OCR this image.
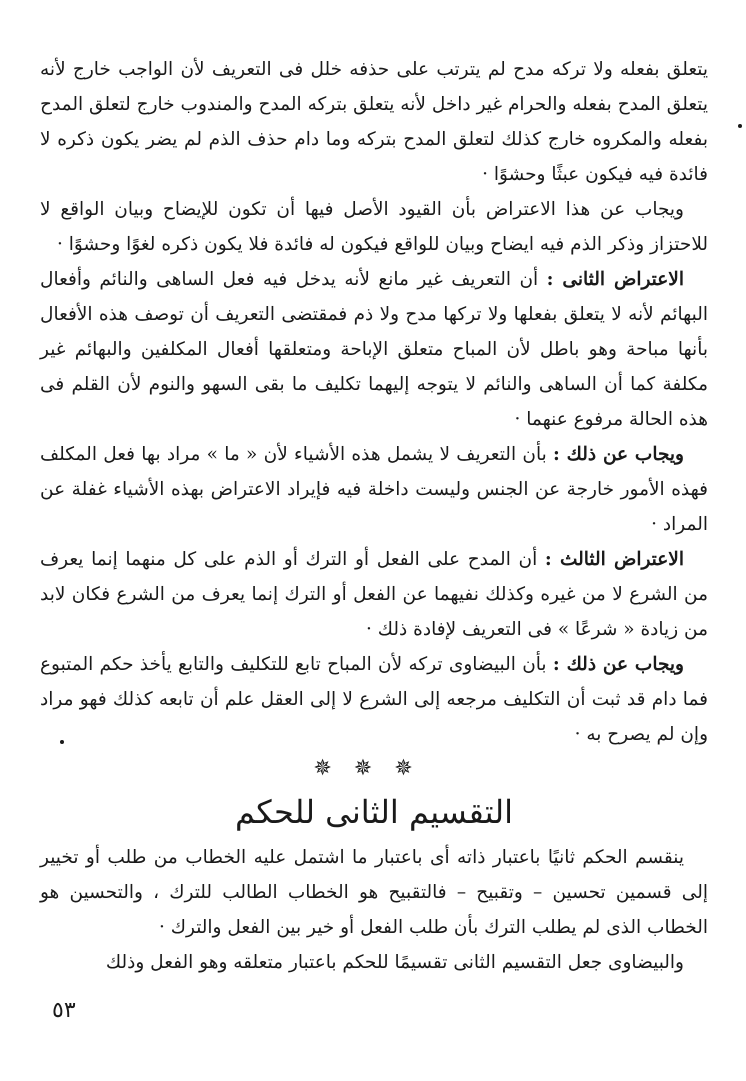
يتعلق بفعله ولا تركه مدح لم يترتب على حذفه خلل فى التعريف لأن الواجب خارج لأنه يتعلق المدح بفعله والحرام غير داخل لأنه يتعلق بتركه المدح والمندوب خارج لتعلق المدح بفعله والمكروه خارج كذلك لتعلق المدح بتركه وما دام حذف الذم لم يضر يكون ذكره لا فائدة فيه فيكون عبثًا وحشوًا ·

ويجاب عن هذا الاعتراض بأن القيود الأصل فيها أن تكون للإيضاح وبيان الواقع لا للاحتزاز وذكر الذم فيه ايضاح وبيان للواقع فيكون له فائدة فلا يكون ذكره لغوًا وحشوًا ·

الاعتراض الثانى : أن التعريف غير مانع لأنه يدخل فيه فعل الساهى والنائم وأفعال البهائم لأنه لا يتعلق بفعلها ولا تركها مدح ولا ذم فمقتضى التعريف أن توصف هذه الأفعال بأنها مباحة وهو باطل لأن المباح متعلق الإباحة ومتعلقها أفعال المكلفين والبهائم غير مكلفة كما أن الساهى والنائم لا يتوجه إليهما تكليف ما بقى السهو والنوم لأن القلم فى هذه الحالة مرفوع عنهما ·

ويجاب عن ذلك : بأن التعريف لا يشمل هذه الأشياء لأن « ما » مراد بها فعل المكلف فهذه الأمور خارجة عن الجنس وليست داخلة فيه فإيراد الاعتراض بهذه الأشياء غفلة عن المراد ·

الاعتراض الثالث : أن المدح على الفعل أو الترك أو الذم على كل منهما إنما يعرف من الشرع لا من غيره وكذلك نفيهما عن الفعل أو الترك إنما يعرف من الشرع فكان لابد من زيادة « شرعًا » فى التعريف لإفادة ذلك ·

ويجاب عن ذلك : بأن البيضاوى تركه لأن المباح تابع للتكليف والتابع يأخذ حكم المتبوع فما دام قد ثبت أن التكليف مرجعه إلى الشرع لا إلى العقل علم أن تابعه كذلك فهو مراد وإن لم يصرح به ·

✵✵✵

التقسيم الثانى للحكم

ينقسم الحكم ثانيًا باعتبار ذاته أى باعتبار ما اشتمل عليه الخطاب من طلب أو تخيير إلى قسمين تحسين – وتقبيح – فالتقبيح هو الخطاب الطالب للترك ، والتحسين هو الخطاب الذى لم يطلب الترك بأن طلب الفعل أو خير بين الفعل والترك ·

والبيضاوى جعل التقسيم الثانى تقسيمًا للحكم باعتبار متعلقه وهو الفعل وذلك

٥٣
